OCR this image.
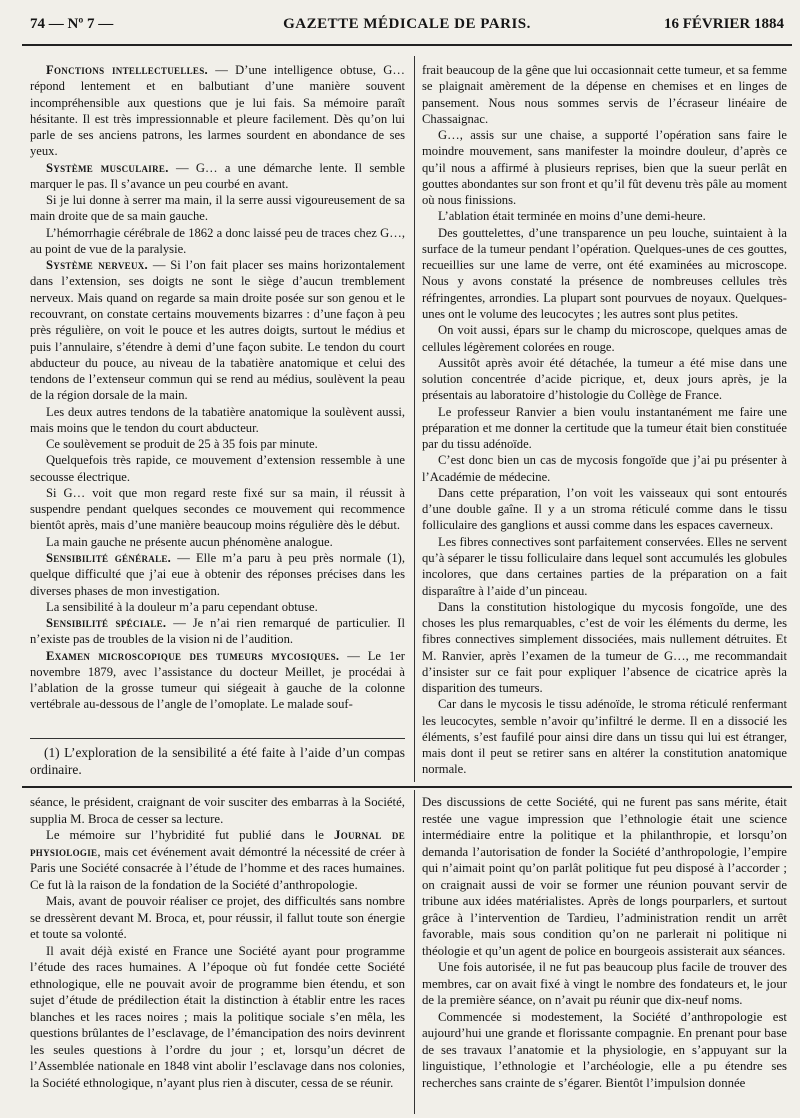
74 — Nº 7 —	GAZETTE MÉDICALE DE PARIS.	16 FÉVRIER 1884

Fonctions intellectuelles. — D’une intelligence obtuse, G… répond lentement et en balbutiant d’une manière souvent incompréhensible aux questions que je lui fais. Sa mémoire paraît hésitante. Il est très impressionnable et pleure facilement. Dès qu’on lui parle de ses anciens patrons, les larmes sourdent en abondance de ses yeux.

Système musculaire. — G… a une démarche lente. Il semble marquer le pas. Il s’avance un peu courbé en avant.

Si je lui donne à serrer ma main, il la serre aussi vigoureusement de sa main droite que de sa main gauche.

L’hémorrhagie cérébrale de 1862 a donc laissé peu de traces chez G…, au point de vue de la paralysie.

Système nerveux. — Si l’on fait placer ses mains horizontalement dans l’extension, ses doigts ne sont le siège d’aucun tremblement nerveux. Mais quand on regarde sa main droite posée sur son genou et le recouvrant, on constate certains mouvements bizarres : d’une façon à peu près régulière, on voit le pouce et les autres doigts, surtout le médius et puis l’annulaire, s’étendre à demi d’une façon subite. Le tendon du court abducteur du pouce, au niveau de la tabatière anatomique et celui des tendons de l’extenseur commun qui se rend au médius, soulèvent la peau de la région dorsale de la main.

Les deux autres tendons de la tabatière anatomique la soulèvent aussi, mais moins que le tendon du court abducteur.

Ce soulèvement se produit de 25 à 35 fois par minute.

Quelquefois très rapide, ce mouvement d’extension ressemble à une secousse électrique.

Si G… voit que mon regard reste fixé sur sa main, il réussit à suspendre pendant quelques secondes ce mouvement qui recommence bientôt après, mais d’une manière beaucoup moins régulière dès le début.

La main gauche ne présente aucun phénomène analogue.

Sensibilité générale. — Elle m’a paru à peu près normale (1), quelque difficulté que j’ai eue à obtenir des réponses précises dans les diverses phases de mon investigation.

La sensibilité à la douleur m’a paru cependant obtuse.

Sensibilité spéciale. — Je n’ai rien remarqué de particulier. Il n’existe pas de troubles de la vision ni de l’audition.

Examen microscopique des tumeurs mycosiques. — Le 1er novembre 1879, avec l’assistance du docteur Meillet, je procédai à l’ablation de la grosse tumeur qui siégeait à gauche de la colonne vertébrale au-dessous de l’angle de l’omoplate. Le malade souf-

(1) L’exploration de la sensibilité a été faite à l’aide d’un compas ordinaire.

frait beaucoup de la gêne que lui occasionnait cette tumeur, et sa femme se plaignait amèrement de la dépense en chemises et en linges de pansement. Nous nous sommes servis de l’écraseur linéaire de Chassaignac.

G…, assis sur une chaise, a supporté l’opération sans faire le moindre mouvement, sans manifester la moindre douleur, d’après ce qu’il nous a affirmé à plusieurs reprises, bien que la sueur perlât en gouttes abondantes sur son front et qu’il fût devenu très pâle au moment où nous finissions.

L’ablation était terminée en moins d’une demi-heure.

Des gouttelettes, d’une transparence un peu louche, suintaient à la surface de la tumeur pendant l’opération. Quelques-unes de ces gouttes, recueillies sur une lame de verre, ont été examinées au microscope. Nous y avons constaté la présence de nombreuses cellules très réfringentes, arrondies. La plupart sont pourvues de noyaux. Quelques-unes ont le volume des leucocytes ; les autres sont plus petites.

On voit aussi, épars sur le champ du microscope, quelques amas de cellules légèrement colorées en rouge.

Aussitôt après avoir été détachée, la tumeur a été mise dans une solution concentrée d’acide picrique, et, deux jours après, je la présentais au laboratoire d’histologie du Collège de France.

Le professeur Ranvier a bien voulu instantanément me faire une préparation et me donner la certitude que la tumeur était bien constituée par du tissu adénoïde.

C’est donc bien un cas de mycosis fongoïde que j’ai pu présenter à l’Académie de médecine.

Dans cette préparation, l’on voit les vaisseaux qui sont entourés d’une double gaîne. Il y a un stroma réticulé comme dans le tissu folliculaire des ganglions et aussi comme dans les espaces caverneux.

Les fibres connectives sont parfaitement conservées. Elles ne servent qu’à séparer le tissu folliculaire dans lequel sont accumulés les globules incolores, que dans certaines parties de la préparation on a fait disparaître à l’aide d’un pinceau.

Dans la constitution histologique du mycosis fongoïde, une des choses les plus remarquables, c’est de voir les éléments du derme, les fibres connectives simplement dissociées, mais nullement détruites. Et M. Ranvier, après l’examen de la tumeur de G…, me recommandait d’insister sur ce fait pour expliquer l’absence de cicatrice après la disparition des tumeurs.

Car dans le mycosis le tissu adénoïde, le stroma réticulé renfermant les leucocytes, semble n’avoir qu’infiltré le derme. Il en a dissocié les éléments, s’est faufilé pour ainsi dire dans un tissu qui lui est étranger, mais dont il peut se retirer sans en altérer la constitution anatomique normale.

séance, le président, craignant de voir susciter des embarras à la Société, supplia M. Broca de cesser sa lecture.

Le mémoire sur l’hybridité fut publié dans le Journal de physiologie, mais cet événement avait démontré la nécessité de créer à Paris une Société consacrée à l’étude de l’homme et des races humaines. Ce fut là la raison de la fondation de la Société d’anthropologie.

Mais, avant de pouvoir réaliser ce projet, des difficultés sans nombre se dressèrent devant M. Broca, et, pour réussir, il fallut toute son énergie et toute sa volonté.

Il avait déjà existé en France une Société ayant pour programme l’étude des races humaines. A l’époque où fut fondée cette Société ethnologique, elle ne pouvait avoir de programme bien étendu, et son sujet d’étude de prédilection était la distinction à établir entre les races blanches et les races noires ; mais la politique sociale s’en mêla, les questions brûlantes de l’esclavage, de l’émancipation des noirs devinrent les seules questions à l’ordre du jour ; et, lorsqu’un décret de l’Assemblée nationale en 1848 vint abolir l’esclavage dans nos colonies, la Société ethnologique, n’ayant plus rien à discuter, cessa de se réunir.

Des discussions de cette Société, qui ne furent pas sans mérite, était restée une vague impression que l’ethnologie était une science intermédiaire entre la politique et la philanthropie, et lorsqu’on demanda l’autorisation de fonder la Société d’anthropologie, l’empire qui n’aimait point qu’on parlât politique fut peu disposé à l’accorder ; on craignait aussi de voir se former une réunion pouvant servir de tribune aux idées matérialistes. Après de longs pourparlers, et surtout grâce à l’intervention de Tardieu, l’administration rendit un arrêt favorable, mais sous condition qu’on ne parlerait ni politique ni théologie et qu’un agent de police en bourgeois assisterait aux séances.

Une fois autorisée, il ne fut pas beaucoup plus facile de trouver des membres, car on avait fixé à vingt le nombre des fondateurs et, le jour de la première séance, on n’avait pu réunir que dix-neuf noms.

Commencée si modestement, la Société d’anthropologie est aujourd’hui une grande et florissante compagnie. En prenant pour base de ses travaux l’anatomie et la physiologie, en s’appuyant sur la linguistique, l’ethnologie et l’archéologie, elle a pu étendre ses recherches sans crainte de s’égarer. Bientôt l’impulsion donnée
